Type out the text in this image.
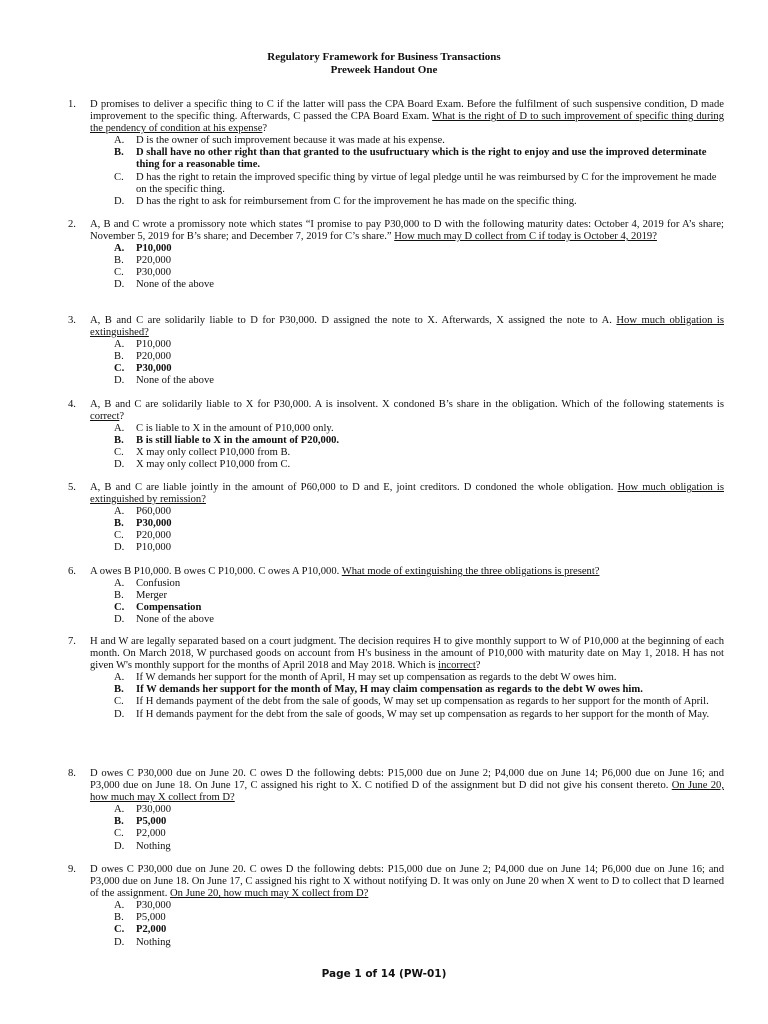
Regulatory Framework for Business Transactions
Preweek Handout One
1.	D promises to deliver a specific thing to C if the latter will pass the CPA Board Exam. Before the fulfilment of such suspensive condition, D made improvement to the specific thing. Afterwards, C passed the CPA Board Exam. What is the right of D to such improvement of specific thing during the pendency of condition at his expense?
A.	D is the owner of such improvement because it was made at his expense.
B.	D shall have no other right than that granted to the usufructuary which is the right to enjoy and use the improved determinate thing for a reasonable time.
C.	D has the right to retain the improved specific thing by virtue of legal pledge until he was reimbursed by C for the improvement he made on the specific thing.
D.	D has the right to ask for reimbursement from C for the improvement he has made on the specific thing.
2.	A, B and C wrote a promissory note which states “I promise to pay P30,000 to D with the following maturity dates: October 4, 2019 for A’s share; November 5, 2019 for B’s share; and December 7, 2019 for C’s share.” How much may D collect from C if today is October 4, 2019?
A.	P10,000
B.	P20,000
C.	P30,000
D.	None of the above
3.	A, B and C are solidarily liable to D for P30,000. D assigned the note to X. Afterwards, X assigned the note to A. How much obligation is extinguished?
A.	P10,000
B.	P20,000
C.	P30,000
D.	None of the above
4.	A, B and C are solidarily liable to X for P30,000. A is insolvent. X condoned B’s share in the obligation. Which of the following statements is correct?
A.	C is liable to X in the amount of P10,000 only.
B.	B is still liable to X in the amount of P20,000.
C.	X may only collect P10,000 from B.
D.	X may only collect P10,000 from C.
5.	A, B and C are liable jointly in the amount of P60,000 to D and E, joint creditors. D condoned the whole obligation. How much obligation is extinguished by remission?
A.	P60,000
B.	P30,000
C.	P20,000
D.	P10,000
6.	A owes B P10,000. B owes C P10,000. C owes A P10,000. What mode of extinguishing the three obligations is present?
A.	Confusion
B.	Merger
C.	Compensation
D.	None of the above
7.	H and W are legally separated based on a court judgment. The decision requires H to give monthly support to W of P10,000 at the beginning of each month. On March 2018, W purchased goods on account from H's business in the amount of P10,000 with maturity date on May 1, 2018. H has not given W's monthly support for the months of April 2018 and May 2018. Which is incorrect?
A.	If W demands her support for the month of April, H may set up compensation as regards to the debt W owes him.
B.	If W demands her support for the month of May, H may claim compensation as regards to the debt W owes him.
C.	If H demands payment of the debt from the sale of goods, W may set up compensation as regards to her support for the month of April.
D.	If H demands payment for the debt from the sale of goods, W may set up compensation as regards to her support for the month of May.
8.	D owes C P30,000 due on June 20. C owes D the following debts: P15,000 due on June 2; P4,000 due on June 14; P6,000 due on June 16; and P3,000 due on June 18. On June 17, C assigned his right to X. C notified D of the assignment but D did not give his consent thereto. On June 20, how much may X collect from D?
A.	P30,000
B.	P5,000
C.	P2,000
D.	Nothing
9.	D owes C P30,000 due on June 20. C owes D the following debts: P15,000 due on June 2; P4,000 due on June 14; P6,000 due on June 16; and P3,000 due on June 18. On June 17, C assigned his right to X without notifying D. It was only on June 20 when X went to D to collect that D learned of the assignment. On June 20, how much may X collect from D?
A.	P30,000
B.	P5,000
C.	P2,000
D.	Nothing
Page 1 of 14 (PW-01)
